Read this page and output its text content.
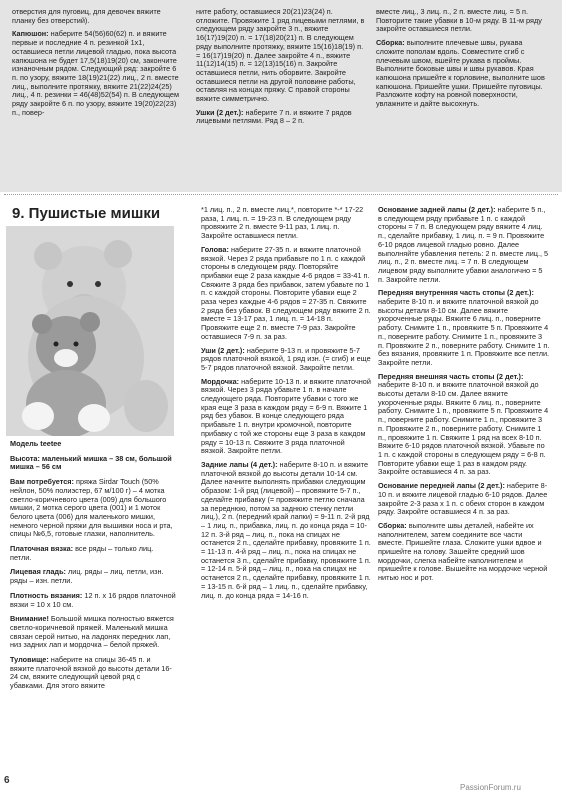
отверстия для пуговиц, для девочек вяжите планку без отверстий).

Капюшон: наберите 54(56)60(62) п. и вяжите первые и последние 4 п. резинкой 1х1, оставшиеся петли лицевой гладью, пока высота капюшона не будет 17,5(18)19(20) см, закончите изнаночным рядом. Следующий ряд: закройте 6 п. по узору, вяжите 18(19)21(22) лиц., 2 п. вместе лиц., выполните протяжку, вяжите 21(22)24(25) лиц., 4 п. резинки = 46(48)52(54) п. В следующем ряду закройте 6 п. по узору, вяжите 19(20)22(23) п., повер-

ните работу, оставшиеся 20(21)23(24) п. отложите. Провяжите 1 ряд лицевыми петлями, в следующем ряду закройте 3 п., вяжите 16(17)19(20) п. = 17(18)20(21) п. В следующем ряду выполните протяжку, вяжите 15(16)18(19) п. = 16(17)19(20) п. Далее закройте 4 п., вяжите 11(12)14(15) п. = 12(13)15(16) п. Закройте оставшиеся петли, нить оборвите. Закройте оставшиеся петли на другой половине работы, оставляя на концах пряжу. С правой стороны вяжите симметрично.

Ушки (2 дет.): наберите 7 п. и вяжите 7 рядов лицевыми петлями. Ряд 8 – 2 п.

вместе лиц., 3 лиц. п., 2 п. вместе лиц. = 5 п. Повторите такие убавки в 10-м ряду. В 11-м ряду закройте оставшиеся петли.

Сборка: выполните плечевые швы, рукава сложите пополам вдоль. Совместите сгиб с плечевым швом, вшейте рукава в проймы. Выполните боковые швы и швы рукавов. Края капюшона пришейте к горловине, выполните шов капюшона. Пришейте ушки. Пришейте пуговицы. Разложите кофту на ровной поверхности, увлажните и дайте высохнуть.

9. Пушистые мишки

Модель teetee

Высота: маленький мишка – 38 см, большой мишка – 56 см

Вам потребуется: пряжа Sirdar Touch (50% нейлон, 50% полиэстер, 67 м/100 г) – 4 мотка светло-коричневого цвета (009) для большого мишки, 2 мотка серого цвета (001) и 1 моток белого цвета (006) для маленького мишки, немного черной пряжи для вышивки носа и рта, спицы №6,5, готовые глазки, наполнитель.

Платочная вязка: все ряды – только лиц. петли.

Лицевая гладь: лиц. ряды – лиц. петли, изн. ряды – изн. петли.

Плотность вязания: 12 п. х 16 рядов платочной вязки = 10 х 10 см.

Внимание! Большой мишка полностью вяжется светло-коричневой пряжей. Маленький мишка связан серой нитью, на ладонях передних лап, низ задних лап и мордочка – белой пряжей.

Туловище: наберите на спицы 36-45 п. и вяжите платочной вязкой до высоты детали 16-24 см, вяжите следующий цевой ряд с убавками. Для этого вяжите

*1 лиц. п., 2 п. вместе лиц.*, повторите *-* 17-22 раза, 1 лиц. п. = 19-23 п. В следующем ряду провяжите 2 п. вместе 9-11 раз, 1 лиц. п. Закройте оставшиеся петли.

Голова: наберите 27-35 п. и вяжите платочной вязкой. Через 2 ряда прибавьте по 1 п. с каждой стороны в следующем ряду. Повторяйте прибавки еще 2 раза каждые 4-6 рядов = 33-41 п. Свяжите 3 ряда без прибавок, затем убавьте по 1 п. с каждой стороны. Повторите убавки еще 2 раза через каждые 4-6 рядов = 27-35 п. Свяжите 2 ряда без убавок. В следующем ряду вяжите 2 п. вместе = 13-17 раз, 1 лиц. п. = 14-18 п. Провяжите еще 2 п. вместе 7-9 раз. Закройте оставшиеся 7-9 п. за раз.

Уши (2 дет.): наберите 9-13 п. и провяжите 5-7 рядов платочной вязкой, 1 ряд изн. (= сгиб) и еще 5-7 рядов платочной вязкой. Закройте петли.

Мордочка: наберите 10-13 п. и вяжите платочной вязкой. Через 3 ряда убавьте 1 п. в начале следующего ряда. Повторите убавки с того же края еще 3 раза в каждом ряду = 6-9 п. Вяжите 1 ряд без убавок. В конце следующего ряда прибавьте 1 п. внутри кромочной, повторите прибавку с той же стороны еще 3 раза в каждом ряду = 10-13 п. Свяжите 3 ряда платочной вязкой. Закройте петли.

Задние лапы (4 дет.): наберите 8-10 п. и вяжите платочной вязкой до высоты детали 10-14 см. Далее начните выполнять прибавки следующим образом: 1-й ряд (лицевой) – провяжите 5-7 п., сделайте прибавку (= провяжите петлю сначала за переднюю, потом за заднюю стенку петли лиц.), 2 п. (передний край лапки) = 9-11 п. 2-й ряд – 1 лиц. п., прибавка, лиц. п. до конца ряда = 10-12 п. 3-й ряд – лиц. п., пока на спицах не останется 2 п., сделайте прибавку, провяжите 1 п. = 11-13 п. 4-й ряд – лиц. п., пока на спицах не останется 3 п., сделайте прибавку, провяжите 1 п. = 12-14 п. 5-й ряд – лиц. п., пока на спицах не останется 2 п., сделайте прибавку, провяжите 1 п. = 13-15 п. 6-й ряд – 1 лиц. п., сделайте прибавку, лиц. п. до конца ряда = 14-16 п.

Основание задней лапы (2 дет.): наберите 5 п., в следующем ряду прибавьте 1 п. с каждой стороны = 7 п. В следующем ряду вяжите 4 лиц. п., сделайте прибавку, 1 лиц. п. = 9 п. Провяжите 6-10 рядов лицевой гладью ровно. Далее выполняйте убавления петель: 2 п. вместе лиц., 5 лиц. п., 2 п. вместе лиц. = 7 п. В следующем лицевом ряду выполните убавки аналогично = 5 п. Закройте петли.

Передняя внутренняя часть стопы (2 дет.): наберите 8-10 п. и вяжите платочной вязкой до высоты детали 8-10 см. Далее вяжите укороченные ряды. Вяжите 6 лиц. п., поверните работу. Снимите 1 п., провяжите 5 п. Провяжите 4 п., поверните работу. Снимите 1 п., провяжите 3 п. Провяжите 2 п., поверните работу. Снимите 1 п. без вязания, провяжите 1 п. Провяжите все петли. Закройте петли.

Передняя внешняя часть стопы (2 дет.): наберите 8-10 п. и вяжите платочной вязкой до высоты детали 8-10 см. Далее вяжите укороченные ряды. Вяжите 6 лиц. п., поверните работу. Снимите 1 п., провяжите 5 п. Провяжите 4 п., поверните работу. Снимите 1 п., провяжите 3 п. Провяжите 2 п., поверните работу. Снимите 1 п., провяжите 1 п. Свяжите 1 ряд на всех 8-10 п. Вяжите 6-10 рядов платочной вязкой. Убавьте по 1 п. с каждой стороны в следующем ряду = 6-8 п. Повторите убавки еще 1 раз в каждом ряду. Закройте оставшиеся 4 п. за раз.

Основание передней лапы (2 дет.): наберите 8-10 п. и вяжите лицевой гладью 6-10 рядов. Далее закройте 2-3 раза х 1 п. с обеих сторон в каждом ряду. Закройте оставшиеся 4 п. за раз.

Сборка: выполните швы деталей, набейте их наполнителем, затем соедините все части вместе. Пришейте глаза. Сложите ушки вдвое и пришейте на голову. Зашейте средний шов мордочки, слегка набейте наполнителем и пришейте к голове. Вышейте на мордочке черной нитью нос и рот.

6
PassionForum.ru
